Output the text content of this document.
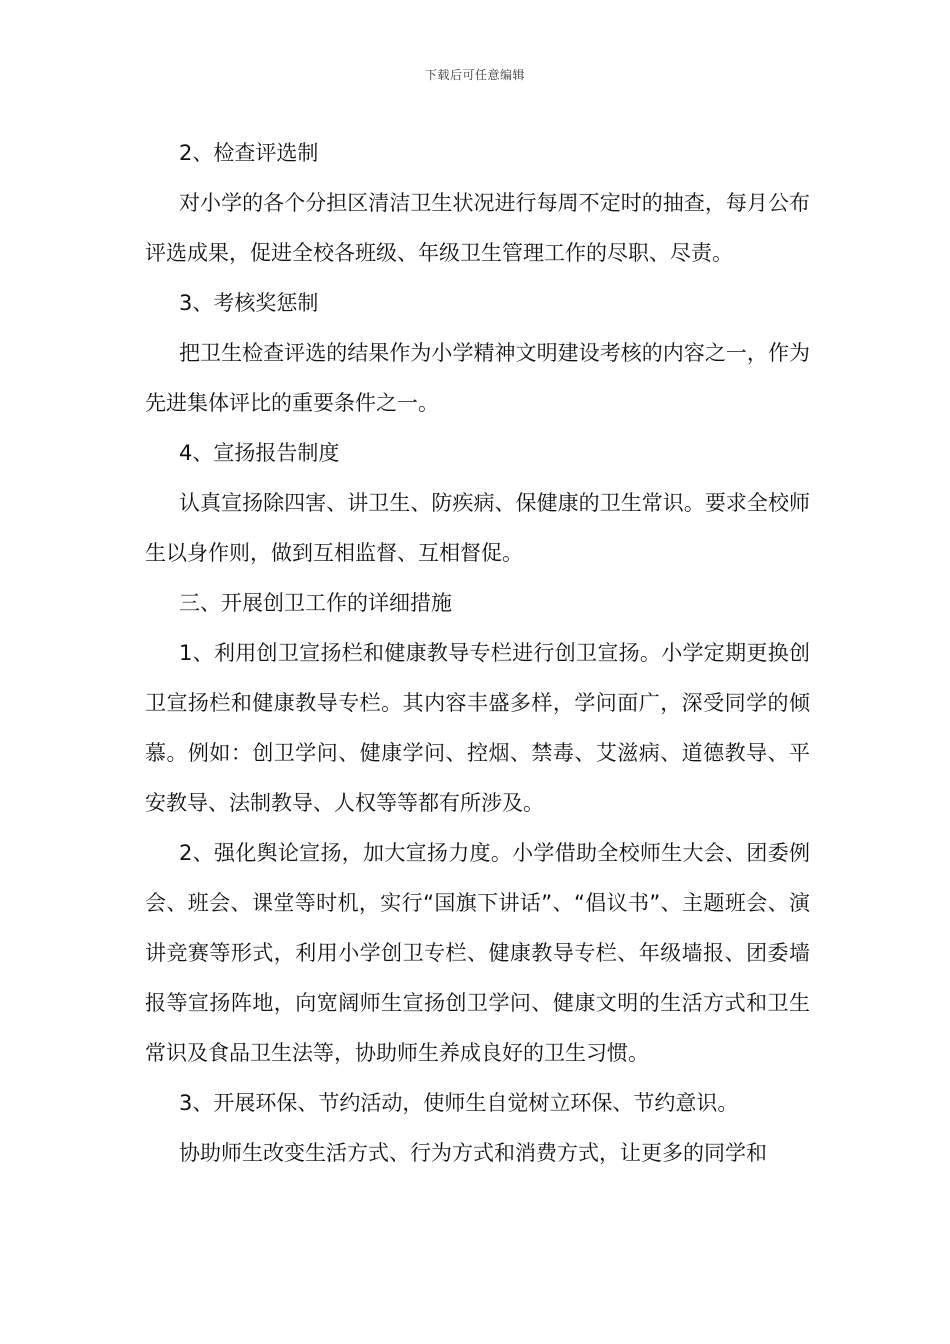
下载后可任意编辑

2、检查评选制

对小学的各个分担区清洁卫生状况进行每周不定时的抽查，每月公布评选成果，促进全校各班级、年级卫生管理工作的尽职、尽责。

3、考核奖惩制

把卫生检查评选的结果作为小学精神文明建设考核的内容之一，作为先进集体评比的重要条件之一。

4、宣扬报告制度

认真宣扬除四害、讲卫生、防疾病、保健康的卫生常识。要求全校师生以身作则，做到互相监督、互相督促。

三、开展创卫工作的详细措施

1、利用创卫宣扬栏和健康教导专栏进行创卫宣扬。小学定期更换创卫宣扬栏和健康教导专栏。其内容丰盛多样，学问面广，深受同学的倾慕。例如：创卫学问、健康学问、控烟、禁毒、艾滋病、道德教导、平安教导、法制教导、人权等等都有所涉及。

2、强化舆论宣扬，加大宣扬力度。小学借助全校师生大会、团委例会、班会、课堂等时机，实行“国旗下讲话”、“倡议书”、主题班会、演讲竞赛等形式，利用小学创卫专栏、健康教导专栏、年级墙报、团委墙报等宣扬阵地，向宽阔师生宣扬创卫学问、健康文明的生活方式和卫生常识及食品卫生法等，协助师生养成良好的卫生习惯。

3、开展环保、节约活动，使师生自觉树立环保、节约意识。

协助师生改变生活方式、行为方式和消费方式，让更多的同学和
